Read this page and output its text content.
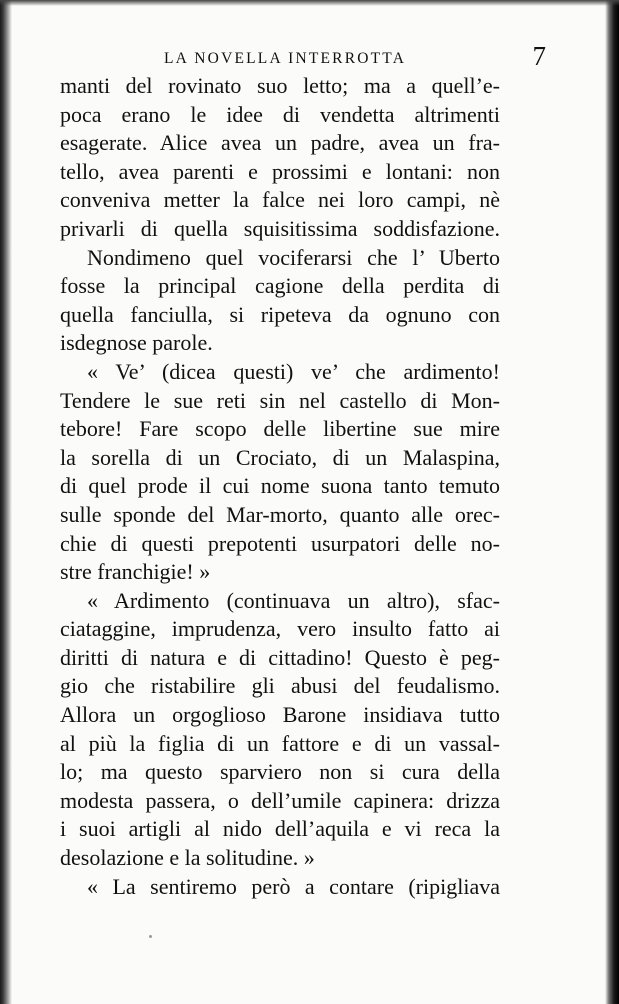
LA NOVELLA INTERROTTA	7
manti del rovinato suo letto; ma a quell’e-
poca erano le idee di vendetta altrimenti
esagerate. Alice avea un padre, avea un fra-
tello, avea parenti e prossimi e lontani: non
conveniva metter la falce nei loro campi, nè
privarli di quella squisitissima soddisfazione.
Nondimeno quel vociferarsi che l’ Uberto
fosse la principal cagione della perdita di
quella fanciulla, si ripeteva da ognuno con
isdegnose parole.
« Ve’ (dicea questi) ve’ che ardimento!
Tendere le sue reti sin nel castello di Mon-
tebore! Fare scopo delle libertine sue mire
la sorella di un Crociato, di un Malaspina,
di quel prode il cui nome suona tanto temuto
sulle sponde del Mar-morto, quanto alle orec-
chie di questi prepotenti usurpatori delle no-
stre franchigie! »
« Ardimento (continuava un altro), sfac-
ciataggine, imprudenza, vero insulto fatto ai
diritti di natura e di cittadino! Questo è peg-
gio che ristabilire gli abusi del feudalismo.
Allora un orgoglioso Barone insidiava tutto
al più la figlia di un fattore e di un vassal-
lo; ma questo sparviero non si cura della
modesta passera, o dell’umile capinera: drizza
i suoi artigli al nido dell’aquila e vi reca la
desolazione e la solitudine. »
« La sentiremo però a contare (ripigliava
